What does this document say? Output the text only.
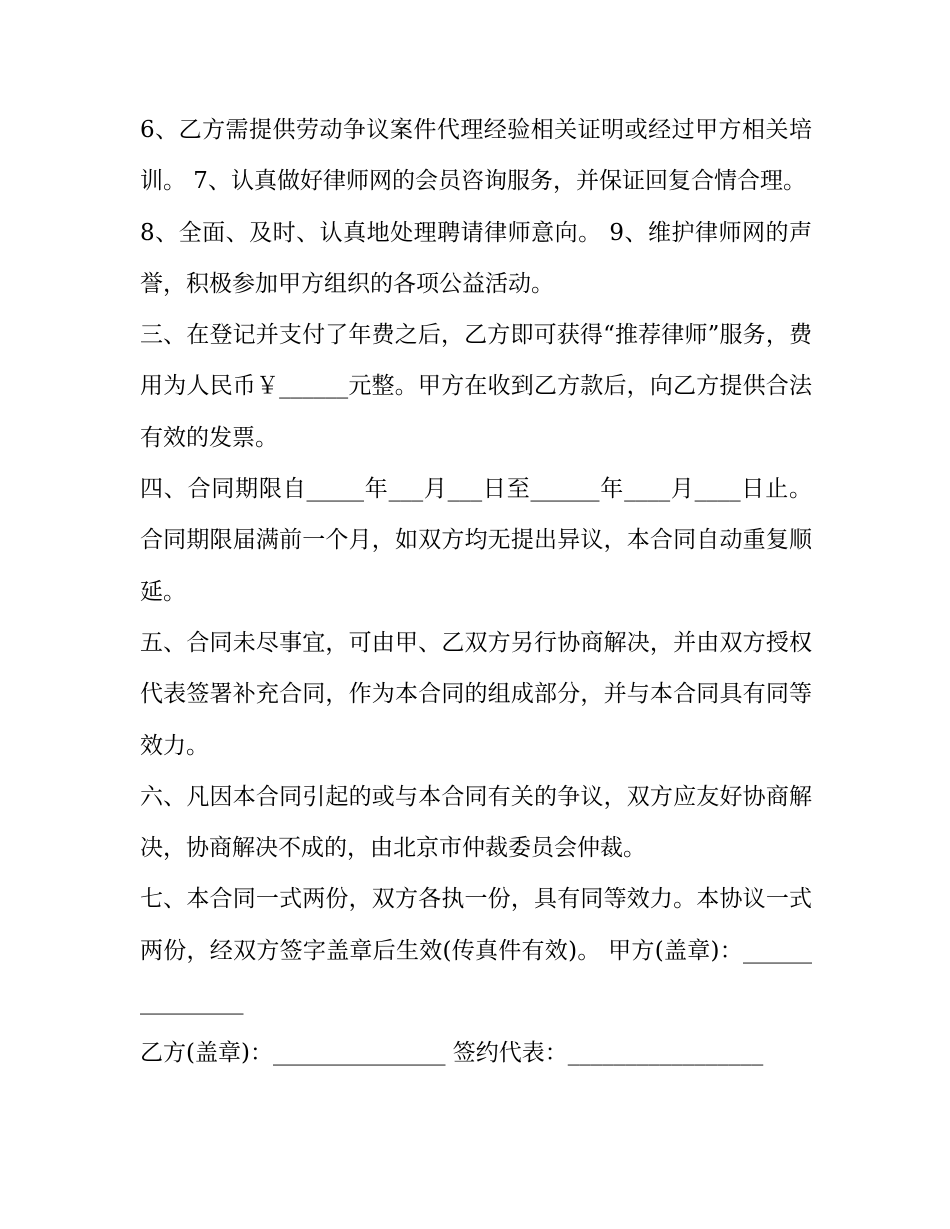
6、乙方需提供劳动争议案件代理经验相关证明或经过甲方相关培训。 7、认真做好律师网的会员咨询服务，并保证回复合情合理。

8、全面、及时、认真地处理聘请律师意向。 9、维护律师网的声誉，积极参加甲方组织的各项公益活动。

三、在登记并支付了年费之后，乙方即可获得“推荐律师”服务，费用为人民币￥______元整。甲方在收到乙方款后，向乙方提供合法有效的发票。

四、合同期限自_____年___月___日至______年____月____日止。合同期限届满前一个月，如双方均无提出异议，本合同自动重复顺延。

五、合同未尽事宜，可由甲、乙双方另行协商解决，并由双方授权代表签署补充合同，作为本合同的组成部分，并与本合同具有同等效力。

六、凡因本合同引起的或与本合同有关的争议，双方应友好协商解决，协商解决不成的，由北京市仲裁委员会仲裁。

七、本合同一式两份，双方各执一份，具有同等效力。本协议一式两份，经双方签字盖章后生效(传真件有效)。 甲方(盖章)：_______________

乙方(盖章)：_______________ 签约代表：_________________
